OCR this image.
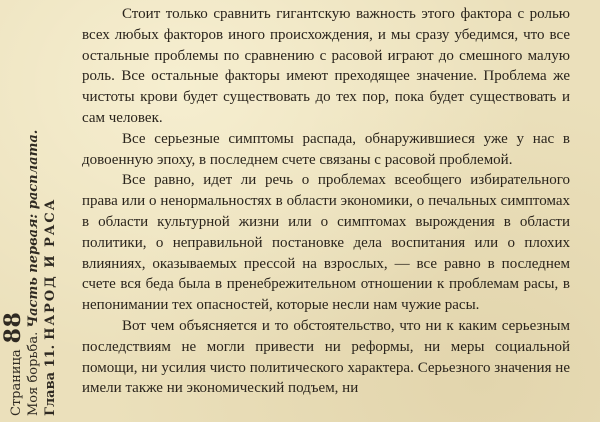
Страница
88
Моя борьба.
Часть первая: расплата.
Глава 11.
НАРОД И РАСА

Стоит только сравнить гигантскую важность этого фактора с ролью всех любых факторов иного происхождения, и мы сразу убедимся, что все остальные проблемы по сравнению с расовой играют до смешного малую роль. Все остальные факторы имеют преходящее значение. Проблема же чистоты крови будет существовать до тех пор, пока будет существовать и сам человек.

Все серьезные симптомы распада, обнаружившиеся уже у нас в довоенную эпоху, в последнем счете связаны с расовой проблемой.

Все равно, идет ли речь о проблемах всеобщего избирательного права или о ненормальностях в области экономики, о печальных симптомах в области культурной жизни или о симптомах вырождения в области политики, о неправильной постановке дела воспитания или о плохих влияниях, оказываемых прессой на взрослых, — все равно в последнем счете вся беда была в пренебрежительном отношении к проблемам расы, в непонимании тех опасностей, которые несли нам чужие расы.

Вот чем объясняется и то обстоятельство, что ни к каким серьезным последствиям не могли привести ни реформы, ни меры социальной помощи, ни усилия чисто политического характера. Серьезного значения не имели также ни экономический подъем, ни
